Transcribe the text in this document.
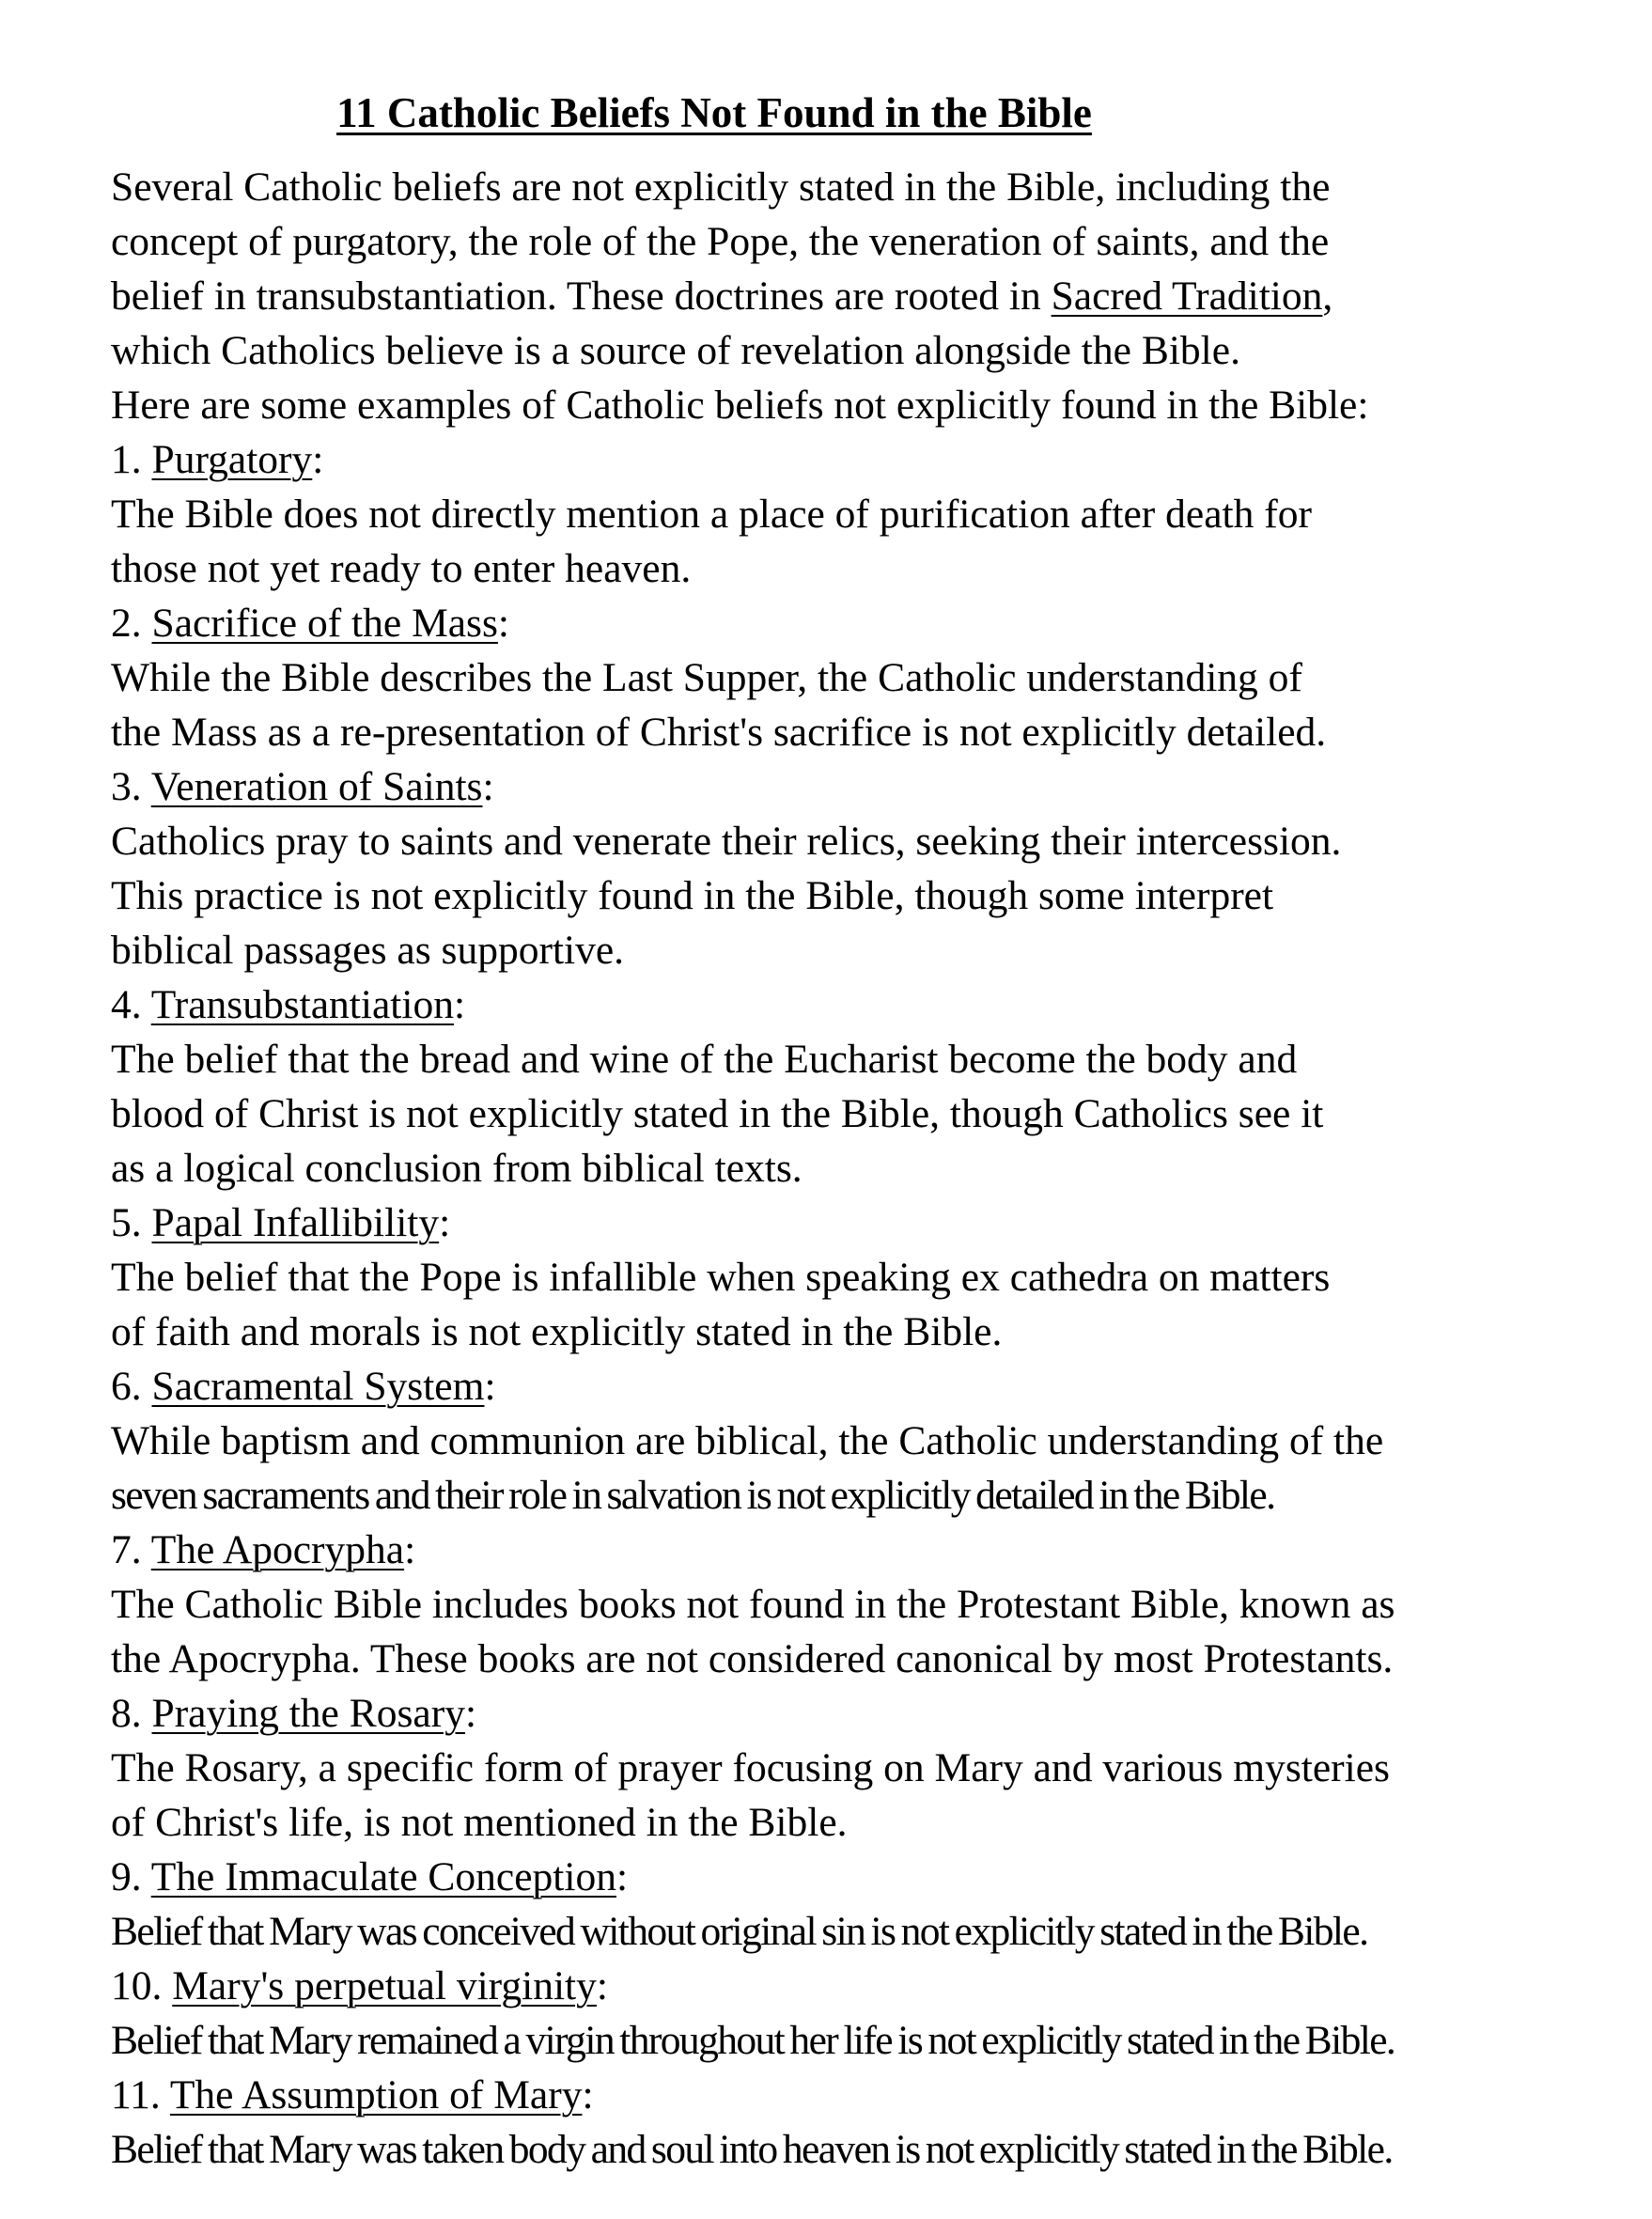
11 Catholic Beliefs Not Found in the Bible
Several Catholic beliefs are not explicitly stated in the Bible, including the
concept of purgatory, the role of the Pope, the veneration of saints, and the
belief in transubstantiation. These doctrines are rooted in Sacred Tradition,
which Catholics believe is a source of revelation alongside the Bible.
Here are some examples of Catholic beliefs not explicitly found in the Bible:
1. Purgatory:
The Bible does not directly mention a place of purification after death for
those not yet ready to enter heaven.
2. Sacrifice of the Mass:
While the Bible describes the Last Supper, the Catholic understanding of
the Mass as a re-presentation of Christ's sacrifice is not explicitly detailed.
3. Veneration of Saints:
Catholics pray to saints and venerate their relics, seeking their intercession.
This practice is not explicitly found in the Bible, though some interpret
biblical passages as supportive.
4. Transubstantiation:
The belief that the bread and wine of the Eucharist become the body and
blood of Christ is not explicitly stated in the Bible, though Catholics see it
as a logical conclusion from biblical texts.
5. Papal Infallibility:
The belief that the Pope is infallible when speaking ex cathedra on matters
of faith and morals is not explicitly stated in the Bible.
6. Sacramental System:
While baptism and communion are biblical, the Catholic understanding of the
seven sacraments and their role in salvation is not explicitly detailed in the Bible.
7. The Apocrypha:
The Catholic Bible includes books not found in the Protestant Bible, known as
the Apocrypha. These books are not considered canonical by most Protestants.
8. Praying the Rosary:
The Rosary, a specific form of prayer focusing on Mary and various mysteries
of Christ's life, is not mentioned in the Bible.
9. The Immaculate Conception:
Belief that Mary was conceived without original sin is not explicitly stated in the Bible.
10. Mary's perpetual virginity:
Belief that Mary remained a virgin throughout her life is not explicitly stated in the Bible.
11. The Assumption of Mary:
Belief that Mary was taken body and soul into heaven is not explicitly stated in the Bible.
